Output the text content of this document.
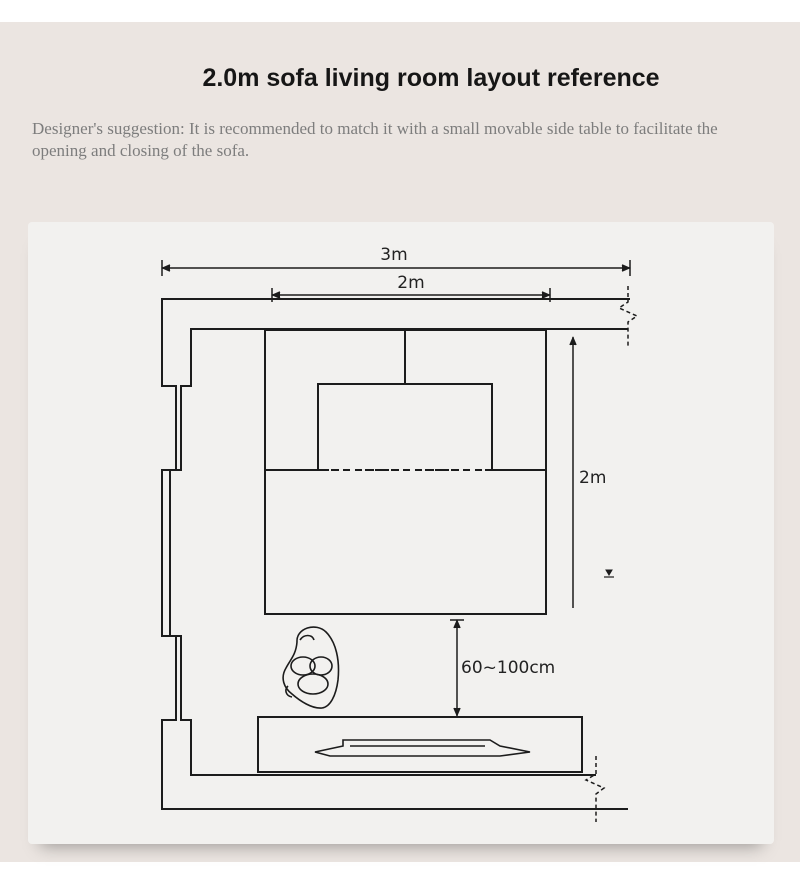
2.0m sofa living room layout reference

Designer's suggestion: It is recommended to match it with a small movable side table to facilitate the opening and closing of the sofa.

3m
2m
2m
60~100cm
